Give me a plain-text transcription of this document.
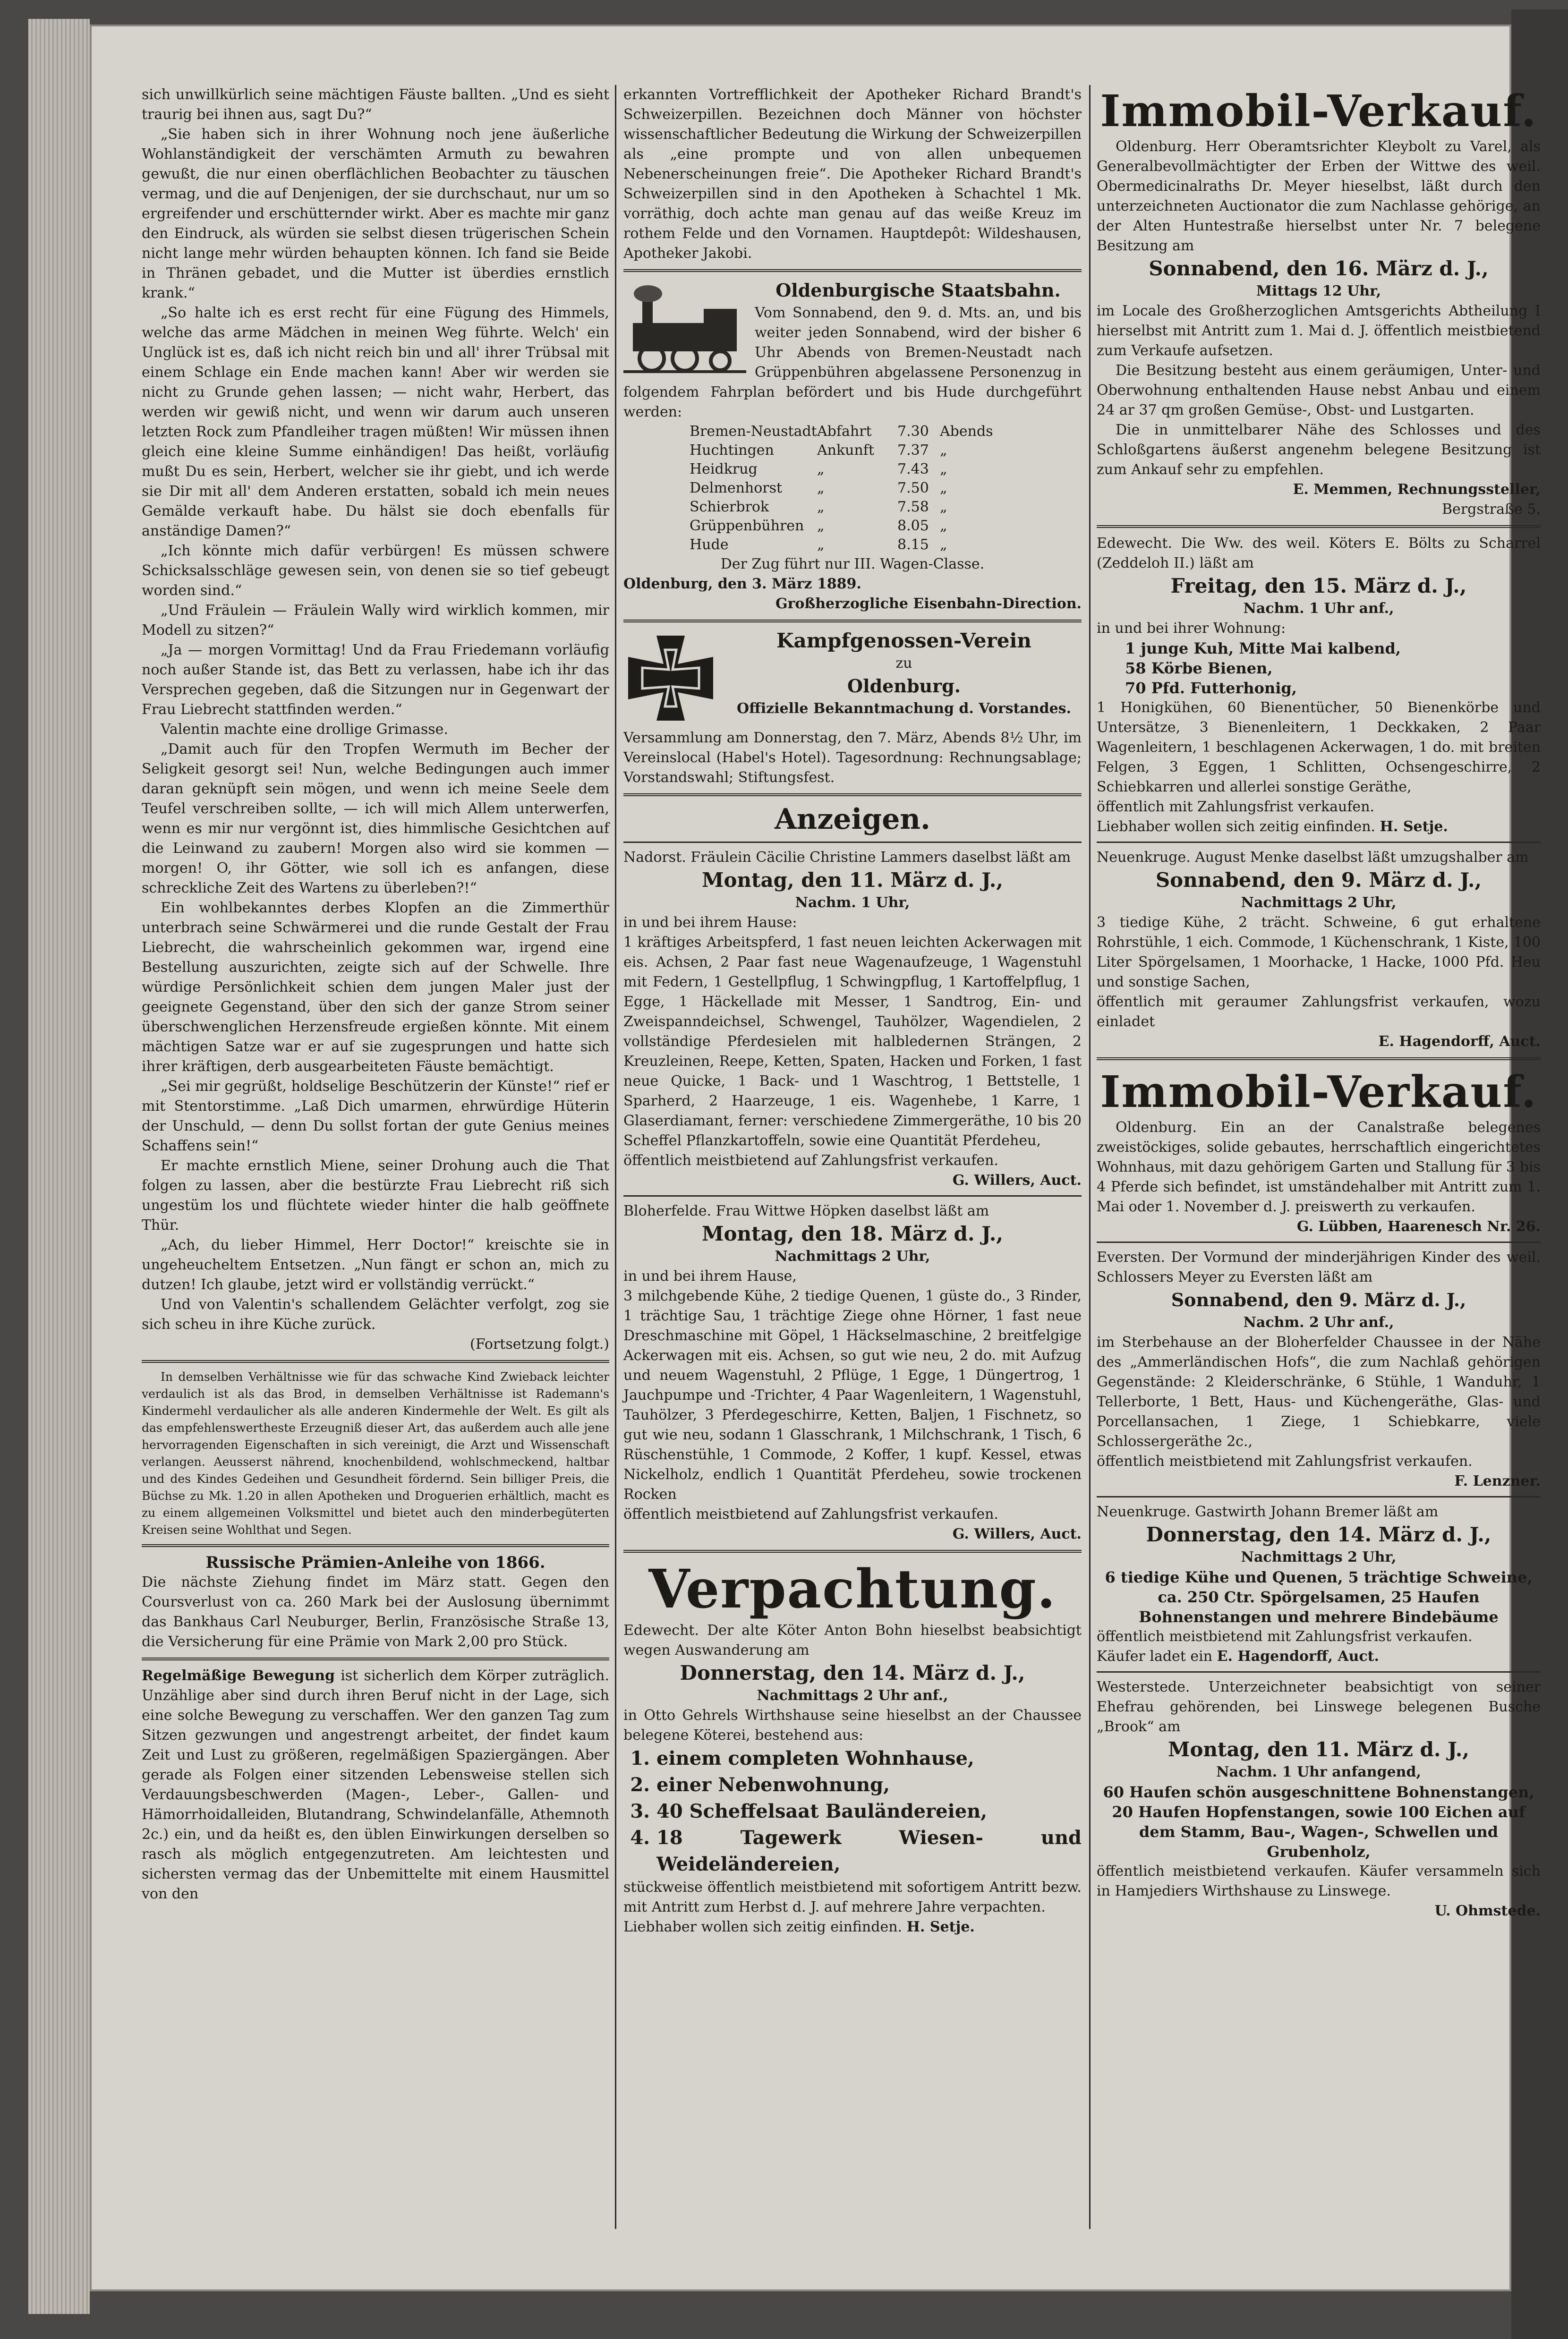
sich unwillkürlich seine mächtigen Fäuste ballten. „Und es sieht traurig bei ihnen aus, sagt Du?“

„Sie haben sich in ihrer Wohnung noch jene äußerliche Wohlanständigkeit der verschämten Armuth zu bewahren gewußt, die nur einen oberflächlichen Beobachter zu täuschen vermag, und die auf Denjenigen, der sie durchschaut, nur um so ergreifender und erschütternder wirkt. Aber es machte mir ganz den Eindruck, als würden sie selbst diesen trügerischen Schein nicht lange mehr würden behaupten können. Ich fand sie Beide in Thränen gebadet, und die Mutter ist überdies ernstlich krank.“

„So halte ich es erst recht für eine Fügung des Himmels, welche das arme Mädchen in meinen Weg führte. Welch' ein Unglück ist es, daß ich nicht reich bin und all' ihrer Trübsal mit einem Schlage ein Ende machen kann! Aber wir werden sie nicht zu Grunde gehen lassen; — nicht wahr, Herbert, das werden wir gewiß nicht, und wenn wir darum auch unseren letzten Rock zum Pfandleiher tragen müßten! Wir müssen ihnen gleich eine kleine Summe einhändigen! Das heißt, vorläufig mußt Du es sein, Herbert, welcher sie ihr giebt, und ich werde sie Dir mit all' dem Anderen erstatten, sobald ich mein neues Gemälde verkauft habe. Du hälst sie doch ebenfalls für anständige Damen?“

„Ich könnte mich dafür verbürgen! Es müssen schwere Schicksalsschläge gewesen sein, von denen sie so tief gebeugt worden sind.“

„Und Fräulein — Fräulein Wally wird wirklich kommen, mir Modell zu sitzen?“

„Ja — morgen Vormittag! Und da Frau Friedemann vorläufig noch außer Stande ist, das Bett zu verlassen, habe ich ihr das Versprechen gegeben, daß die Sitzungen nur in Gegenwart der Frau Liebrecht stattfinden werden.“

Valentin machte eine drollige Grimasse.

„Damit auch für den Tropfen Wermuth im Becher der Seligkeit gesorgt sei! Nun, welche Bedingungen auch immer daran geknüpft sein mögen, und wenn ich meine Seele dem Teufel verschreiben sollte, — ich will mich Allem unterwerfen, wenn es mir nur vergönnt ist, dies himmlische Gesichtchen auf die Leinwand zu zaubern! Morgen also wird sie kommen — morgen! O, ihr Götter, wie soll ich es anfangen, diese schreckliche Zeit des Wartens zu überleben?!“

Ein wohlbekanntes derbes Klopfen an die Zimmerthür unterbrach seine Schwärmerei und die runde Gestalt der Frau Liebrecht, die wahrscheinlich gekommen war, irgend eine Bestellung auszurichten, zeigte sich auf der Schwelle. Ihre würdige Persönlichkeit schien dem jungen Maler just der geeignete Gegenstand, über den sich der ganze Strom seiner überschwenglichen Herzensfreude ergießen könnte. Mit einem mächtigen Satze war er auf sie zugesprungen und hatte sich ihrer kräftigen, derb ausgearbeiteten Fäuste bemächtigt.

„Sei mir gegrüßt, holdselige Beschützerin der Künste!“ rief er mit Stentorstimme. „Laß Dich umarmen, ehrwürdige Hüterin der Unschuld, — denn Du sollst fortan der gute Genius meines Schaffens sein!“

Er machte ernstlich Miene, seiner Drohung auch die That folgen zu lassen, aber die bestürzte Frau Liebrecht riß sich ungestüm los und flüchtete wieder hinter die halb geöffnete Thür.

„Ach, du lieber Himmel, Herr Doctor!“ kreischte sie in ungeheucheltem Entsetzen. „Nun fängt er schon an, mich zu dutzen! Ich glaube, jetzt wird er vollständig verrückt.“

Und von Valentin's schallendem Gelächter verfolgt, zog sie sich scheu in ihre Küche zurück.

(Fortsetzung folgt.)

In demselben Verhältnisse wie für das schwache Kind Zwieback leichter verdaulich ist als das Brod, in demselben Verhältnisse ist Rademann's Kindermehl verdaulicher als alle anderen Kindermehle der Welt. Es gilt als das empfehlenswertheste Erzeugniß dieser Art, das außerdem auch alle jene hervorragenden Eigenschaften in sich vereinigt, die Arzt und Wissenschaft verlangen. Aeusserst nährend, knochenbildend, wohlschmeckend, haltbar und des Kindes Gedeihen und Gesundheit fördernd. Sein billiger Preis, die Büchse zu Mk. 1.20 in allen Apotheken und Droguerien erhältlich, macht es zu einem allgemeinen Volksmittel und bietet auch den minderbegüterten Kreisen seine Wohlthat und Segen.

Russische Prämien-Anleihe von 1866.

Die nächste Ziehung findet im März statt. Gegen den Coursverlust von ca. 260 Mark bei der Auslosung übernimmt das Bankhaus Carl Neuburger, Berlin, Französische Straße 13, die Versicherung für eine Prämie von Mark 2,00 pro Stück.

Regelmäßige Bewegung ist sicherlich dem Körper zuträglich. Unzählige aber sind durch ihren Beruf nicht in der Lage, sich eine solche Bewegung zu verschaffen. Wer den ganzen Tag zum Sitzen gezwungen und angestrengt arbeitet, der findet kaum Zeit und Lust zu größeren, regelmäßigen Spaziergängen. Aber gerade als Folgen einer sitzenden Lebensweise stellen sich Verdauungsbeschwerden (Magen-, Leber-, Gallen- und Hämorrhoidalleiden, Blutandrang, Schwindelanfälle, Athemnoth 2c.) ein, und da heißt es, den üblen Einwirkungen derselben so rasch als möglich entgegenzutreten. Am leichtesten und sichersten vermag das der Unbemittelte mit einem Hausmittel von den

erkannten Vortrefflichkeit der Apotheker Richard Brandt's Schweizerpillen. Bezeichnen doch Männer von höchster wissenschaftlicher Bedeutung die Wirkung der Schweizerpillen als „eine prompte und von allen unbequemen Nebenerscheinungen freie“. Die Apotheker Richard Brandt's Schweizerpillen sind in den Apotheken à Schachtel 1 Mk. vorräthig, doch achte man genau auf das weiße Kreuz im rothem Felde und den Vornamen. Hauptdepôt: Wildeshausen, Apotheker Jakobi.

Oldenburgische Staatsbahn.

Vom Sonnabend, den 9. d. Mts. an, und bis weiter jeden Sonnabend, wird der bisher 6 Uhr Abends von Bremen-Neustadt nach Grüppenbühren abgelassene Personenzug in folgendem Fahrplan befördert und bis Hude durchgeführt werden:

Bremen-Neustadt Abfahrt	7.30 Abends
Huchtingen	Ankunft	7.37 „
Heidkrug	„	7.43 „
Delmenhorst	„	7.50 „
Schierbrok	„	7.58 „
Grüppenbühren „	8.05 „
Hude	„	8.15 „

Der Zug führt nur III. Wagen-Classe.

Oldenburg, den 3. März 1889.

Großherzogliche Eisenbahn-Direction.

Kampfgenossen-Verein

zu

Oldenburg.

Offizielle Bekanntmachung d. Vorstandes.

Versammlung am Donnerstag, den 7. März, Abends 8½ Uhr, im Vereinslocal (Habel's Hotel). Tagesordnung: Rechnungsablage; Vorstandswahl; Stiftungsfest.

Anzeigen.

Nadorst. Fräulein Cäcilie Christine Lammers daselbst läßt am

Montag, den 11. März d. J.,

Nachm. 1 Uhr,

in und bei ihrem Hause:

1 kräftiges Arbeitspferd, 1 fast neuen leichten Ackerwagen mit eis. Achsen, 2 Paar fast neue Wagenaufzeuge, 1 Wagenstuhl mit Federn, 1 Gestellpflug, 1 Schwingpflug, 1 Kartoffelpflug, 1 Egge, 1 Häckellade mit Messer, 1 Sandtrog, Ein- und Zweispanndeichsel, Schwengel, Tauhölzer, Wagendielen, 2 vollständige Pferdesielen mit halbledernen Strängen, 2 Kreuzleinen, Reepe, Ketten, Spaten, Hacken und Forken, 1 fast neue Quicke, 1 Back- und 1 Waschtrog, 1 Bettstelle, 1 Sparherd, 2 Haarzeuge, 1 eis. Wagenhebe, 1 Karre, 1 Glaserdiamant, ferner: verschiedene Zimmergeräthe, 10 bis 20 Scheffel Pflanzkartoffeln, sowie eine Quantität Pferdeheu,

öffentlich meistbietend auf Zahlungsfrist verkaufen.

G. Willers, Auct.

Bloherfelde. Frau Wittwe Höpken daselbst läßt am

Montag, den 18. März d. J.,

Nachmittags 2 Uhr,

in und bei ihrem Hause,

3 milchgebende Kühe, 2 tiedige Quenen, 1 güste do., 3 Rinder, 1 trächtige Sau, 1 trächtige Ziege ohne Hörner, 1 fast neue Dreschmaschine mit Göpel, 1 Häckselmaschine, 2 breitfelgige Ackerwagen mit eis. Achsen, so gut wie neu, 2 do. mit Aufzug und neuem Wagenstuhl, 2 Pflüge, 1 Egge, 1 Düngertrog, 1 Jauchpumpe und -Trichter, 4 Paar Wagenleitern, 1 Wagenstuhl, Tauhölzer, 3 Pferdegeschirre, Ketten, Baljen, 1 Fischnetz, so gut wie neu, sodann 1 Glasschrank, 1 Milchschrank, 1 Tisch, 6 Rüschenstühle, 1 Commode, 2 Koffer, 1 kupf. Kessel, etwas Nickelholz, endlich 1 Quantität Pferdeheu, sowie trockenen Rocken

öffentlich meistbietend auf Zahlungsfrist verkaufen.

G. Willers, Auct.

Verpachtung.

Edewecht. Der alte Köter Anton Bohn hieselbst beabsichtigt wegen Auswanderung am

Donnerstag, den 14. März d. J.,

Nachmittags 2 Uhr anf.,

in Otto Gehrels Wirthshause seine hieselbst an der Chaussee belegene Köterei, bestehend aus:

1. einem completen Wohnhause,
2. einer Nebenwohnung,
3. 40 Scheffelsaat Bauländereien,
4. 18 Tagewerk Wiesen- und Weideländereien,

stückweise öffentlich meistbietend mit sofortigem Antritt bezw. mit Antritt zum Herbst d. J. auf mehrere Jahre verpachten.

Liebhaber wollen sich zeitig einfinden. H. Setje.

Immobil-Verkauf.

Oldenburg. Herr Oberamtsrichter Kleybolt zu Varel, als Generalbevollmächtigter der Erben der Wittwe des weil. Obermedicinalraths Dr. Meyer hieselbst, läßt durch den unterzeichneten Auctionator die zum Nachlasse gehörige, an der Alten Huntestraße hierselbst unter Nr. 7 belegene Besitzung am

Sonnabend, den 16. März d. J.,

Mittags 12 Uhr,

im Locale des Großherzoglichen Amtsgerichts Abtheilung I hierselbst mit Antritt zum 1. Mai d. J. öffentlich meistbietend zum Verkaufe aufsetzen.

Die Besitzung besteht aus einem geräumigen, Unter- und Oberwohnung enthaltenden Hause nebst Anbau und einem 24 ar 37 qm großen Gemüse-, Obst- und Lustgarten.

Die in unmittelbarer Nähe des Schlosses und des Schloßgartens äußerst angenehm belegene Besitzung ist zum Ankauf sehr zu empfehlen.

E. Memmen, Rechnungssteller,

Bergstraße 5.

Edewecht. Die Ww. des weil. Köters E. Bölts zu Scharrel (Zeddeloh II.) läßt am

Freitag, den 15. März d. J.,

Nachm. 1 Uhr anf.,

in und bei ihrer Wohnung:

1 junge Kuh, Mitte Mai kalbend,

58 Körbe Bienen,

70 Pfd. Futterhonig,

1 Honigkühen, 60 Bienentücher, 50 Bienenkörbe und Untersätze, 3 Bienenleitern, 1 Deckkaken, 2 Paar Wagenleitern, 1 beschlagenen Ackerwagen, 1 do. mit breiten Felgen, 3 Eggen, 1 Schlitten, Ochsengeschirre, 2 Schiebkarren und allerlei sonstige Geräthe,

öffentlich mit Zahlungsfrist verkaufen.

Liebhaber wollen sich zeitig einfinden. H. Setje.

Neuenkruge. August Menke daselbst läßt umzugshalber am

Sonnabend, den 9. März d. J.,

Nachmittags 2 Uhr,

3 tiedige Kühe, 2 trächt. Schweine, 6 gut erhaltene Rohrstühle, 1 eich. Commode, 1 Küchenschrank, 1 Kiste, 100 Liter Spörgelsamen, 1 Moorhacke, 1 Hacke, 1000 Pfd. Heu und sonstige Sachen,

öffentlich mit geraumer Zahlungsfrist verkaufen, wozu einladet

E. Hagendorff, Auct.

Immobil-Verkauf.

Oldenburg. Ein an der Canalstraße belegenes zweistöckiges, solide gebautes, herrschaftlich eingerichtetes Wohnhaus, mit dazu gehörigem Garten und Stallung für 3 bis 4 Pferde sich befindet, ist umständehalber mit Antritt zum 1. Mai oder 1. November d. J. preiswerth zu verkaufen.

G. Lübben, Haarenesch Nr. 26.

Eversten. Der Vormund der minderjährigen Kinder des weil. Schlossers Meyer zu Eversten läßt am

Sonnabend, den 9. März d. J.,

Nachm. 2 Uhr anf.,

im Sterbehause an der Bloherfelder Chaussee in der Nähe des „Ammerländischen Hofs“, die zum Nachlaß gehörigen Gegenstände: 2 Kleiderschränke, 6 Stühle, 1 Wanduhr, 1 Tellerborte, 1 Bett, Haus- und Küchengeräthe, Glas- und Porcellansachen, 1 Ziege, 1 Schiebkarre, viele Schlossergeräthe 2c.,

öffentlich meistbietend mit Zahlungsfrist verkaufen.

F. Lenzner.

Neuenkruge. Gastwirth Johann Bremer läßt am

Donnerstag, den 14. März d. J.,

Nachmittags 2 Uhr,

6 tiedige Kühe und Quenen, 5 trächtige Schweine, ca. 250 Ctr. Spörgelsamen, 25 Haufen Bohnenstangen und mehrere Bindebäume

öffentlich meistbietend mit Zahlungsfrist verkaufen.

Käufer ladet ein E. Hagendorff, Auct.

Westerstede. Unterzeichneter beabsichtigt von seiner Ehefrau gehörenden, bei Linswege belegenen Busche „Brook“ am

Montag, den 11. März d. J.,

Nachm. 1 Uhr anfangend,

60 Haufen schön ausgeschnittene Bohnenstangen, 20 Haufen Hopfenstangen, sowie 100 Eichen auf dem Stamm, Bau-, Wagen-, Schwellen und Grubenholz,

öffentlich meistbietend verkaufen. Käufer versammeln sich in Hamjediers Wirthshause zu Linswege.

U. Ohmstede.
